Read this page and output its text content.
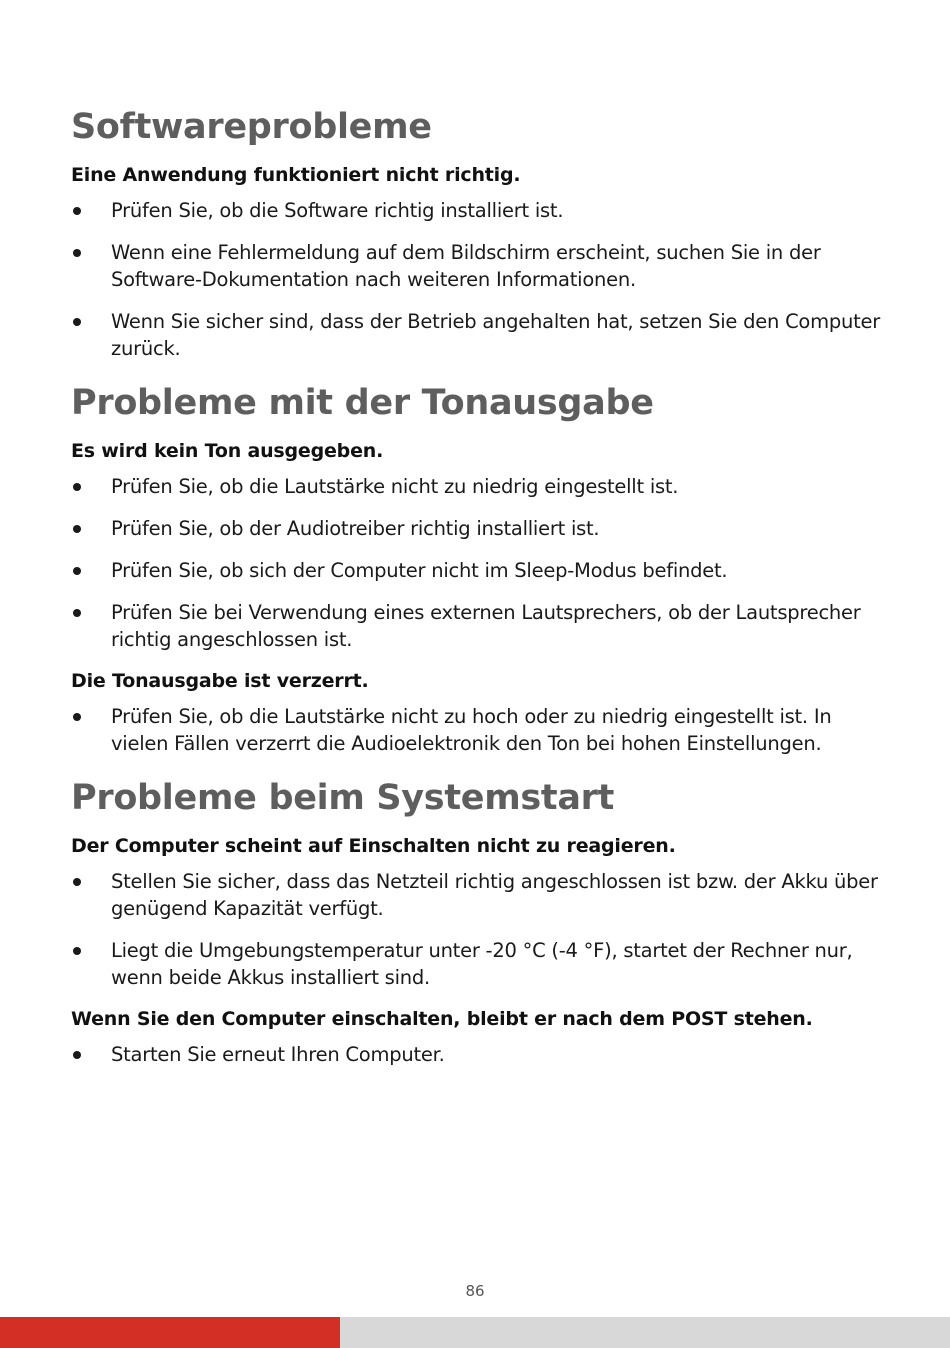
Softwareprobleme
Eine Anwendung funktioniert nicht richtig.
Prüfen Sie, ob die Software richtig installiert ist.
Wenn eine Fehlermeldung auf dem Bildschirm erscheint, suchen Sie in der Software-Dokumentation nach weiteren Informationen.
Wenn Sie sicher sind, dass der Betrieb angehalten hat, setzen Sie den Computer zurück.
Probleme mit der Tonausgabe
Es wird kein Ton ausgegeben.
Prüfen Sie, ob die Lautstärke nicht zu niedrig eingestellt ist.
Prüfen Sie, ob der Audiotreiber richtig installiert ist.
Prüfen Sie, ob sich der Computer nicht im Sleep-Modus befindet.
Prüfen Sie bei Verwendung eines externen Lautsprechers, ob der Lautsprecher richtig angeschlossen ist.
Die Tonausgabe ist verzerrt.
Prüfen Sie, ob die Lautstärke nicht zu hoch oder zu niedrig eingestellt ist. In vielen Fällen verzerrt die Audioelektronik den Ton bei hohen Einstellungen.
Probleme beim Systemstart
Der Computer scheint auf Einschalten nicht zu reagieren.
Stellen Sie sicher, dass das Netzteil richtig angeschlossen ist bzw. der Akku über genügend Kapazität verfügt.
Liegt die Umgebungstemperatur unter -20 °C (-4 °F), startet der Rechner nur, wenn beide Akkus installiert sind.
Wenn Sie den Computer einschalten, bleibt er nach dem POST stehen.
Starten Sie erneut Ihren Computer.
86
